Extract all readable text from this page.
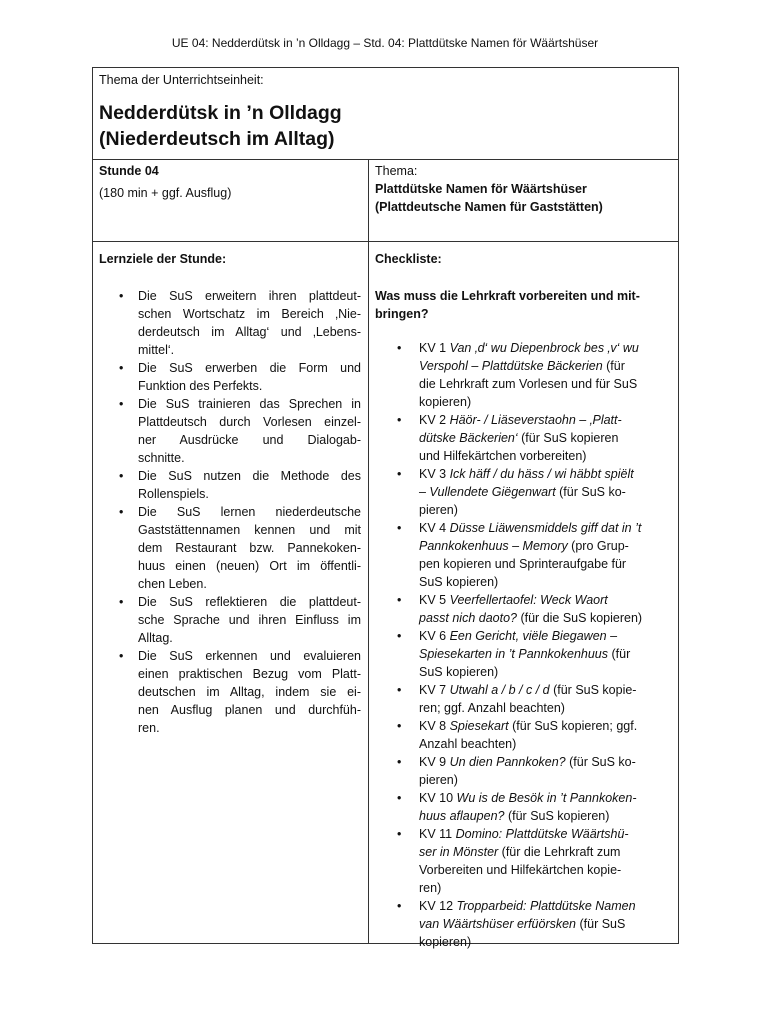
UE 04: Nedderdütsk in ’n Olldagg – Std. 04: Plattdütske Namen för Wäärtshüser
Thema der Unterrichtseinheit:
Nedderdütsk in ’n Olldagg
(Niederdeutsch im Alltag)
Stunde 04
(180 min + ggf. Ausflug)
Thema:
Plattdütske Namen för Wäärtshüser
(Plattdeutsche Namen für Gaststätten)
Lernziele der Stunde:
• Die SuS erweitern ihren plattdeut-
schen Wortschatz im Bereich ‚Nie-
derdeutsch im Alltag‘ und ‚Lebens-
mittel‘.
• Die SuS erwerben die Form und
Funktion des Perfekts.
• Die SuS trainieren das Sprechen in
Plattdeutsch durch Vorlesen einzel-
ner Ausdrücke und Dialogab-
schnitte.
• Die SuS nutzen die Methode des
Rollenspiels.
• Die SuS lernen niederdeutsche
Gaststättennamen kennen und mit
dem Restaurant bzw. Pannekoken-
huus einen (neuen) Ort im öffentli-
chen Leben.
• Die SuS reflektieren die plattdeut-
sche Sprache und ihren Einfluss im
Alltag.
• Die SuS erkennen und evaluieren
einen praktischen Bezug vom Platt-
deutschen im Alltag, indem sie ei-
nen Ausflug planen und durchfüh-
ren.
Checkliste:
Was muss die Lehrkraft vorbereiten und mit-
bringen?
• KV 1 Van ‚d‘ wu Diepenbrock bes ‚v‘ wu
Verspohl – Plattdütske Bäckerien (für
die Lehrkraft zum Vorlesen und für SuS
kopieren)
• KV 2 Häör- / Liäseverstaohn – ‚Platt-
dütske Bäckerien‘ (für SuS kopieren
und Hilfekärtchen vorbereiten)
• KV 3 Ick häff / du häss / wi häbbt spiëlt
– Vullendete Giëgenwart (für SuS ko-
pieren)
• KV 4 Düsse Liäwensmiddels giff dat in ’t
Pannkokenhuus – Memory (pro Grup-
pen kopieren und Sprinteraufgabe für
SuS kopieren)
• KV 5 Veerfellertaofel: Weck Waort
passt nich daoto? (für die SuS kopieren)
• KV 6 Een Gericht, viële Biegawen –
Spiesekarten in ’t Pannkokenhuus (für
SuS kopieren)
• KV 7 Utwahl a / b / c / d (für SuS kopie-
ren; ggf. Anzahl beachten)
• KV 8 Spiesekart (für SuS kopieren; ggf.
Anzahl beachten)
• KV 9 Un dien Pannkoken? (für SuS ko-
pieren)
• KV 10 Wu is de Besök in ’t Pannkoken-
huus aflaupen? (für SuS kopieren)
• KV 11 Domino: Plattdütske Wäärtshü-
ser in Mönster (für die Lehrkraft zum
Vorbereiten und Hilfekärtchen kopie-
ren)
• KV 12 Tropparbeid: Plattdütske Namen
van Wäärtshüser erfüörsken (für SuS
kopieren)
